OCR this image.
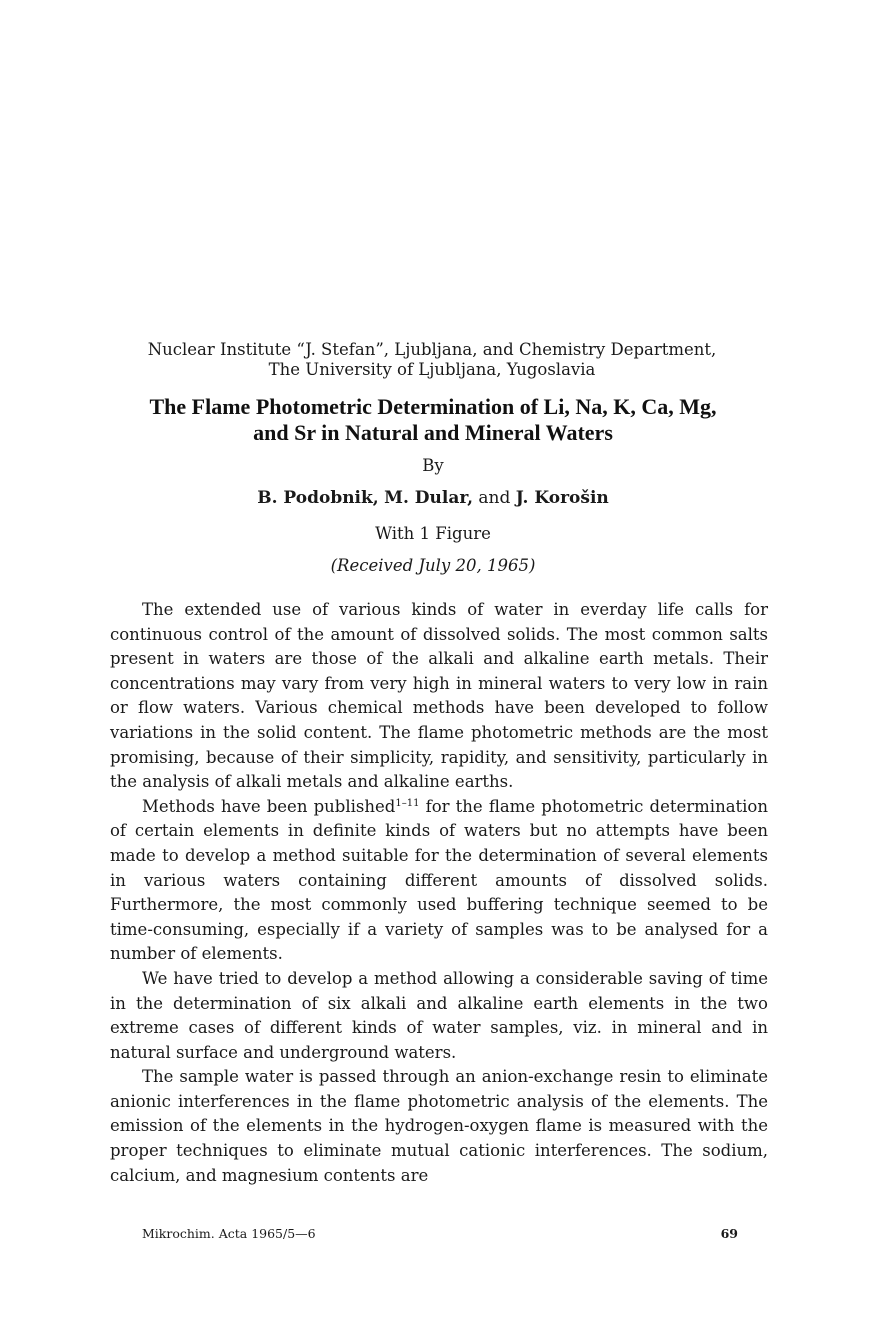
Nuclear Institute “J. Stefan”, Ljubljana, and Chemistry Department,
The University of Ljubljana, Yugoslavia

The Flame Photometric Determination of Li, Na, K, Ca, Mg,
and Sr in Natural and Mineral Waters

By

B. Podobnik, M. Dular, and J. Korošin

With 1 Figure

(Received July 20, 1965)

The extended use of various kinds of water in everday life calls for continuous control of the amount of dissolved solids. The most common salts present in waters are those of the alkali and alkaline earth metals. Their concentrations may vary from very high in mineral waters to very low in rain or flow waters. Various chemical methods have been developed to follow variations in the solid content. The flame photometric methods are the most promising, because of their simplicity, rapidity, and sensitivity, particularly in the analysis of alkali metals and alkaline earths.

Methods have been published$^{1-11}$ for the flame photometric determination of certain elements in definite kinds of waters but no attempts have been made to develop a method suitable for the determination of several elements in various waters containing different amounts of dissolved solids. Furthermore, the most commonly used buffering technique seemed to be time-consuming, especially if a variety of samples was to be analysed for a number of elements.

We have tried to develop a method allowing a considerable saving of time in the determination of six alkali and alkaline earth elements in the two extreme cases of different kinds of water samples, viz. in mineral and in natural surface and underground waters.

The sample water is passed through an anion-exchange resin to eliminate anionic interferences in the flame photometric analysis of the elements. The emission of the elements in the hydrogen-oxygen flame is measured with the proper techniques to eliminate mutual cationic interferences. The sodium, calcium, and magnesium contents are

Mikrochim. Acta 1965/5—6	69
